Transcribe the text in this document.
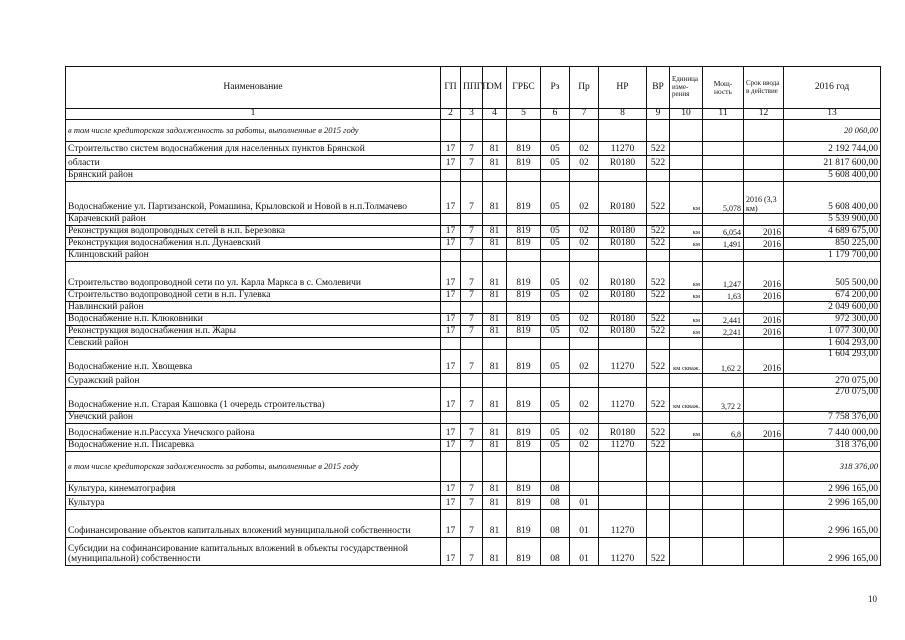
Наименование	ГП	ППГП	ОМ	ГРБС	Рз	Пр	НР	ВР	Единица изме- рения	Мощ- ность	Срок ввода в действие	2016 год
1	2	3	4	5	6	7	8	9	10	11	12	13
в том числе кредиторская задолженность за работы, выполненные в 2015 году												20 060,00
Строительство систем водоснабжения для населенных пунктов Брянской	17	7	81	819	05	02	11270	522				2 192 744,00
области	17	7	81	819	05	02	R0180	522				21 817 600,00
Брянский район												5 608 400,00
Водоснабжение ул. Партизанской, Ромашина, Крыловской и Новой в н.п.Толмачево	17	7	81	819	05	02	R0180	522	км	5,078	2016 (3,3 км)	5 608 400,00
Карачевский район												5 539 900,00
Реконструкция водопроводных сетей в н.п. Березовка	17	7	81	819	05	02	R0180	522	км	6,054	2016	4 689 675,00
Реконструкция водоснабжения н.п. Дунаевский	17	7	81	819	05	02	R0180	522	км	1,491	2016	850 225,00
Клинцовский район												1 179 700,00
Строительство водопроводной сети по ул. Карла Маркса в с. Смолевичи	17	7	81	819	05	02	R0180	522	км	1,247	2016	505 500,00
Строительство водопроводной сети в н.п. Гулевка	17	7	81	819	05	02	R0180	522	км	1,63	2016	674 200,00
Навлинский район												2 049 600,00
Водоснабжение н.п. Клюковники	17	7	81	819	05	02	R0180	522	км	2,441	2016	972 300,00
Реконструкция водоснабжения н.п. Жары	17	7	81	819	05	02	R0180	522	км	2,241	2016	1 077 300,00
Севский район												1 604 293,00
Водоснабжение н.п. Хвощевка	17	7	81	819	05	02	11270	522	км скваж.	1,62 2	2016	1 604 293,00
Суражский район												270 075,00
Водоснабжение н.п. Старая Кашовка (1 очередь строительства)	17	7	81	819	05	02	11270	522	км скваж.	3,72 2		270 075,00
Унечский район												7 758 376,00
Водоснабжение н.п.Рассуха Унечского района	17	7	81	819	05	02	R0180	522	км	6,8	2016	7 440 000,00
Водоснабжение н.п. Писаревка	17	7	81	819	05	02	11270	522				318 376,00
в том числе кредиторская задолженность за работы, выполненные в 2015 году												318 376,00
Культура, кинематография	17	7	81	819	08							2 996 165,00
Культура	17	7	81	819	08	01						2 996 165,00
Софинансирование объектов капитальных вложений муниципальной собственности	17	7	81	819	08	01	11270					2 996 165,00
Субсидии на софинансирование капитальных вложений в объекты государственной (муниципальной) собственности	17	7	81	819	08	01	11270	522				2 996 165,00
10
